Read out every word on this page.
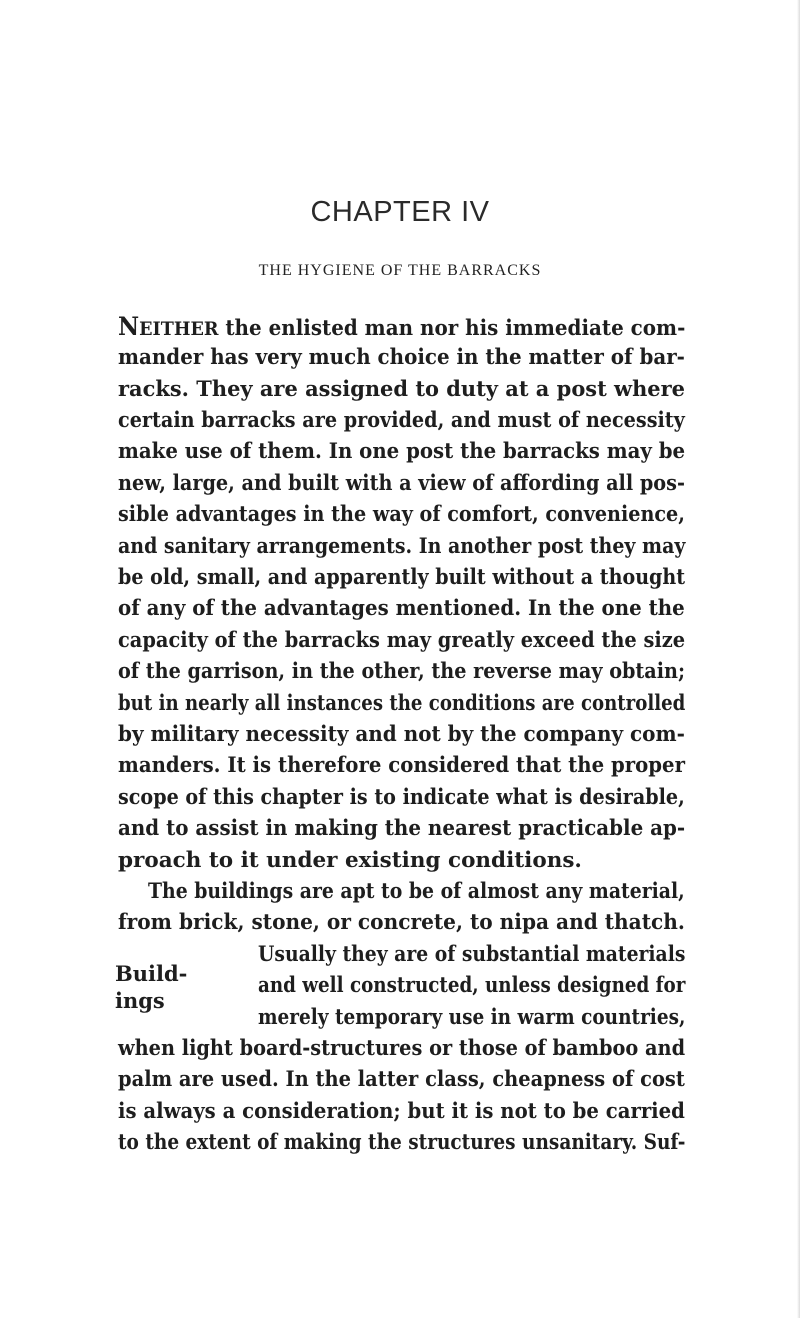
CHAPTER IV
THE HYGIENE OF THE BARRACKS
NEITHER the enlisted man nor his immediate com-
mander has very much choice in the matter of bar-
racks. They are assigned to duty at a post where
certain barracks are provided, and must of necessity
make use of them. In one post the barracks may be
new, large, and built with a view of affording all pos-
sible advantages in the way of comfort, convenience,
and sanitary arrangements. In another post they may
be old, small, and apparently built without a thought
of any of the advantages mentioned. In the one the
capacity of the barracks may greatly exceed the size
of the garrison, in the other, the reverse may obtain;
but in nearly all instances the conditions are controlled
by military necessity and not by the company com-
manders. It is therefore considered that the proper
scope of this chapter is to indicate what is desirable,
and to assist in making the nearest practicable ap-
proach to it under existing conditions.
The buildings are apt to be of almost any material,
from brick, stone, or concrete, to nipa and thatch.
Usually they are of substantial materials
and well constructed, unless designed for
merely temporary use in warm countries,
when light board-structures or those of bamboo and
palm are used. In the latter class, cheapness of cost
is always a consideration; but it is not to be carried
to the extent of making the structures unsanitary. Suf-
Build-
ings
